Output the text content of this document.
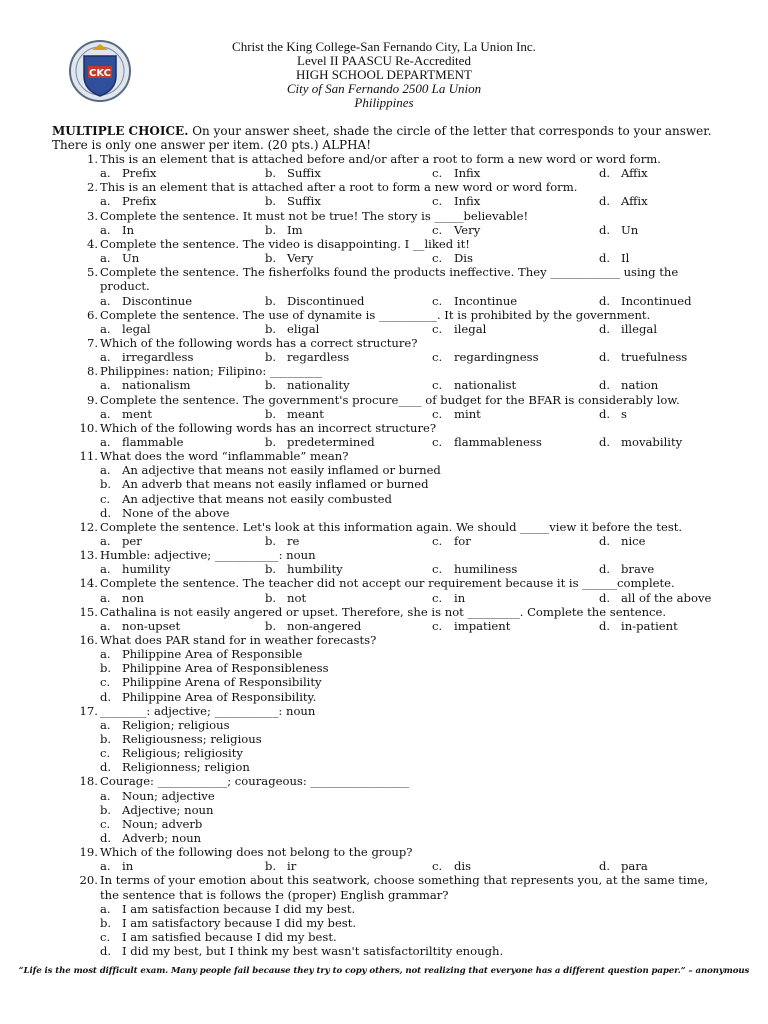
CKC
Christ the King College-San Fernando City, La Union Inc.
Level II PAASCU Re-Accredited
HIGH SCHOOL DEPARTMENT
City of San Fernando 2500 La Union
Philippines
MULTIPLE CHOICE. On your answer sheet, shade the circle of the letter that corresponds to your answer. There is only one answer per item. (20 pts.) ALPHA!
1. This is an element that is attached before and/or after a root to form a new word or word form.
a. Prefix	b. Suffix	c. Infix	d. Affix
2. This is an element that is attached after a root to form a new word or word form.
a. Prefix	b. Suffix	c. Infix	d. Affix
3. Complete the sentence. It must not be true! The story is _____believable!
a. In	b. Im	c. Very	d. Un
4. Complete the sentence. The video is disappointing. I __liked it!
a. Un	b. Very	c. Dis	d. Il
5. Complete the sentence. The fisherfolks found the products ineffective. They ____________ using the product.
a. Discontinue	b. Discontinued	c. Incontinue	d. Incontinued
6. Complete the sentence. The use of dynamite is __________. It is prohibited by the government.
a. legal	b. eligal	c. ilegal	d. illegal
7. Which of the following words has a correct structure?
a. irregardless	b. regardless	c. regardingness	d. truefulness
8. Philippines: nation; Filipino: _________
a. nationalism	b. nationality	c. nationalist	d. nation
9. Complete the sentence. The government's procure____ of budget for the BFAR is considerably low.
a. ment	b. meant	c. mint	d. s
10. Which of the following words has an incorrect structure?
a. flammable	b. predetermined	c. flammableness	d. movability
11. What does the word “inflammable” mean?
a. An adjective that means not easily inflamed or burned
b. An adverb that means not easily inflamed or burned
c. An adjective that means not easily combusted
d. None of the above
12. Complete the sentence. Let's look at this information again. We should _____view it before the test.
a. per	b. re	c. for	d. nice
13. Humble: adjective; ___________: noun
a. humility	b. humbility	c. humiliness	d. brave
14. Complete the sentence. The teacher did not accept our requirement because it is ______complete.
a. non	b. not	c. in	d. all of the above
15. Cathalina is not easily angered or upset. Therefore, she is not _________. Complete the sentence.
a. non-upset	b. non-angered	c. impatient	d. in-patient
16. What does PAR stand for in weather forecasts?
a. Philippine Area of Responsible
b. Philippine Area of Responsibleness
c. Philippine Arena of Responsibility
d. Philippine Area of Responsibility.
17. ________: adjective; ___________: noun
a. Religion; religious
b. Religiousness; religious
c. Religious; religiosity
d. Religionness; religion
18. Courage: ____________; courageous: _________________
a. Noun; adjective
b. Adjective; noun
c. Noun; adverb
d. Adverb; noun
19. Which of the following does not belong to the group?
a. in	b. ir	c. dis	d. para
20. In terms of your emotion about this seatwork, choose something that represents you, at the same time, the sentence that is follows the (proper) English grammar?
a. I am satisfaction because I did my best.
b. I am satisfactory because I did my best.
c. I am satisfied because I did my best.
d. I did my best, but I think my best wasn't satisfactoriltity enough.
“Life is the most difficult exam. Many people fail because they try to copy others, not realizing that everyone has a different question paper.” – anonymous
